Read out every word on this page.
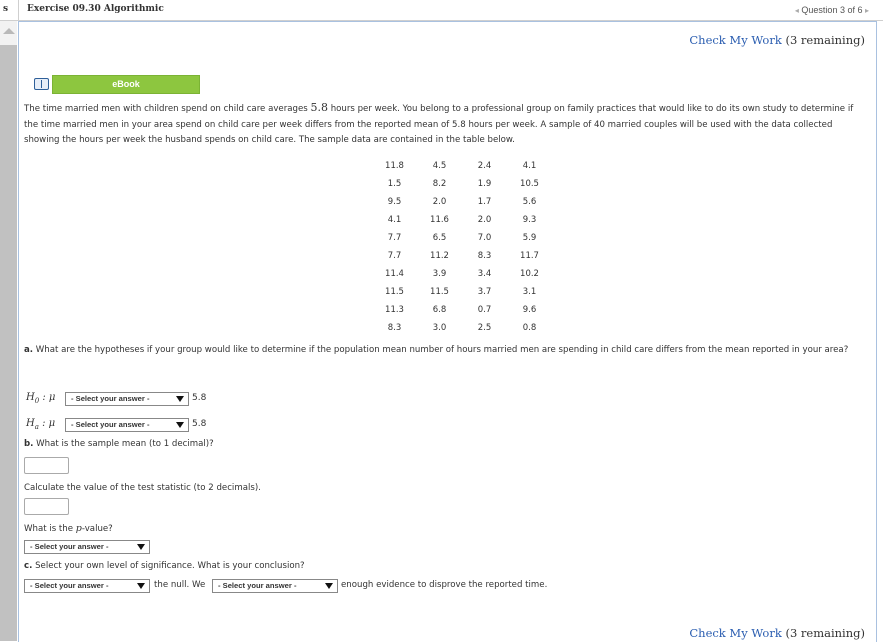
s Exercise 09.30 Algorithmic	◂ Question 3 of 6 ▸
Check My Work (3 remaining)
eBook
The time married men with children spend on child care averages 5.8 hours per week. You belong to a professional group on family practices that would like to do its own study to determine if the time married men in your area spend on child care per week differs from the reported mean of 5.8 hours per week. A sample of 40 married couples will be used with the data collected showing the hours per week the husband spends on child care. The sample data are contained in the table below.
11.8	4.5	2.4	4.1
1.5	8.2	1.9	10.5
9.5	2.0	1.7	5.6
4.1	11.6	2.0	9.3
7.7	6.5	7.0	5.9
7.7	11.2	8.3	11.7
11.4	3.9	3.4	10.2
11.5	11.5	3.7	3.1
11.3	6.8	0.7	9.6
8.3	3.0	2.5	0.8
a. What are the hypotheses if your group would like to determine if the population mean number of hours married men are spending in child care differs from the mean reported in your area?
$H_0$ : μ	- Select your answer -	5.8
$H_a$ : μ	- Select your answer -	5.8
b. What is the sample mean (to 1 decimal)?
Calculate the value of the test statistic (to 2 decimals).
What is the p-value?
- Select your answer -
c. Select your own level of significance. What is your conclusion?
- Select your answer -	the null. We	- Select your answer -	enough evidence to disprove the reported time.
Check My Work (3 remaining)
